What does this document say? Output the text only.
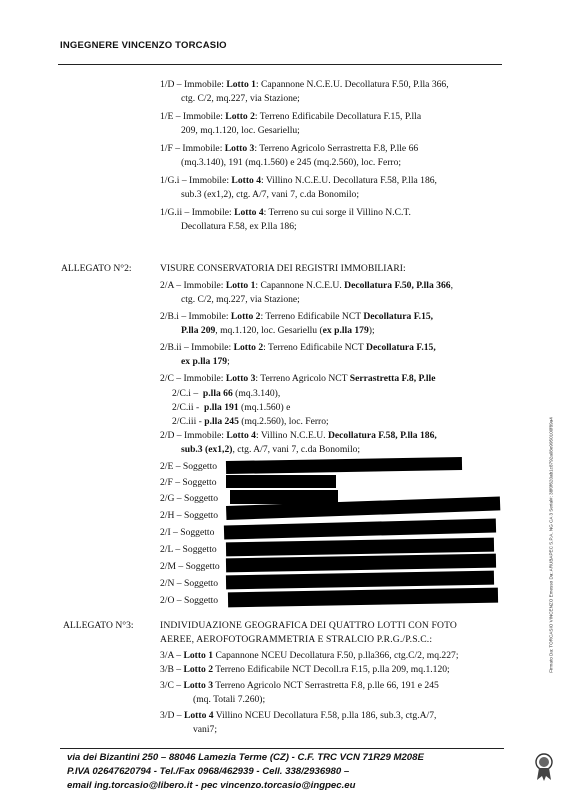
INGEGNERE VINCENZO TORCASIO
1/D – Immobile: Lotto 1: Capannone N.C.E.U. Decollatura F.50, P.lla 366,
ctg. C/2, mq.227, via Stazione;
1/E – Immobile: Lotto 2: Terreno Edificabile Decollatura F.15, P.lla
209, mq.1.120, loc. Gesariellu;
1/F – Immobile: Lotto 3: Terreno Agricolo Serrastretta F.8, P.lle 66
(mq.3.140), 191 (mq.1.560) e 245 (mq.2.560), loc. Ferro;
1/G.i – Immobile: Lotto 4: Villino N.C.E.U. Decollatura F.58, P.lla 186,
sub.3 (ex1,2), ctg. A/7, vani 7, c.da Bonomilo;
1/G.ii – Immobile: Lotto 4: Terreno su cui sorge il Villino N.C.T.
Decollatura F.58, ex P.lla 186;
ALLEGATO N°2:	VISURE CONSERVATORIA DEI REGISTRI IMMOBILIARI:
2/A – Immobile: Lotto 1: Capannone N.C.E.U. Decollatura F.50, P.lla 366,
ctg. C/2, mq.227, via Stazione;
2/B.i – Immobile: Lotto 2: Terreno Edificabile NCT Decollatura F.15,
P.lla 209, mq.1.120, loc. Gesariellu (ex p.lla 179);
2/B.ii – Immobile: Lotto 2: Terreno Edificabile NCT Decollatura F.15,
ex p.lla 179;
2/C – Immobile: Lotto 3: Terreno Agricolo NCT Serrastretta F.8, P.lle
2/C.i –  p.lla 66 (mq.3.140),
2/C.ii -  p.lla 191 (mq.1.560) e
2/C.iii - p.lla 245 (mq.2.560), loc. Ferro;
2/D – Immobile: Lotto 4: Villino N.C.E.U. Decollatura F.58, P.lla 186,
sub.3 (ex1,2), ctg. A/7, vani 7, c.da Bonomilo;
2/E – Soggetto
2/F – Soggetto
2/G – Soggetto
2/H – Soggetto
2/I – Soggetto
2/L – Soggetto
2/M – Soggetto
2/N – Soggetto
2/O – Soggetto
ALLEGATO N°3:	INDIVIDUAZIONE GEOGRAFICA DEI QUATTRO LOTTI CON FOTO
AEREE, AEROFOTOGRAMMETRIA E STRALCIO P.R.G./P.S.C.:
3/A – Lotto 1 Capannone NCEU Decollatura F.50, p.lla366, ctg.C/2, mq.227;
3/B – Lotto 2 Terreno Edificabile NCT Decoll.ra F.15, p.lla 209, mq.1.120;
3/C – Lotto 3 Terreno Agricolo NCT Serrastretta F.8, p.lle 66, 191 e 245
(mq. Totali 7.260);
3/D – Lotto 4 Villino NCEU Decollatura F.58, p.lla 186, sub.3, ctg.A/7,
vani7;
via dei Bizantini 250 – 88046 Lamezia Terme (CZ) - C.F. TRC VCN 71R29 M208E
P.IVA 02647620794 - Tel./Fax 0968/462939 - Cell. 338/2936980 –
email ing.torcasio@libero.it - pec vincenzo.torcasio@ingpec.eu
Firmato Da: TORCASIO VINCENZO Emesso Da: ARUBAPEC S.P.A. NG CA 3 Serial#: 38f0f620ab1c8792a08e9950100f89a4
